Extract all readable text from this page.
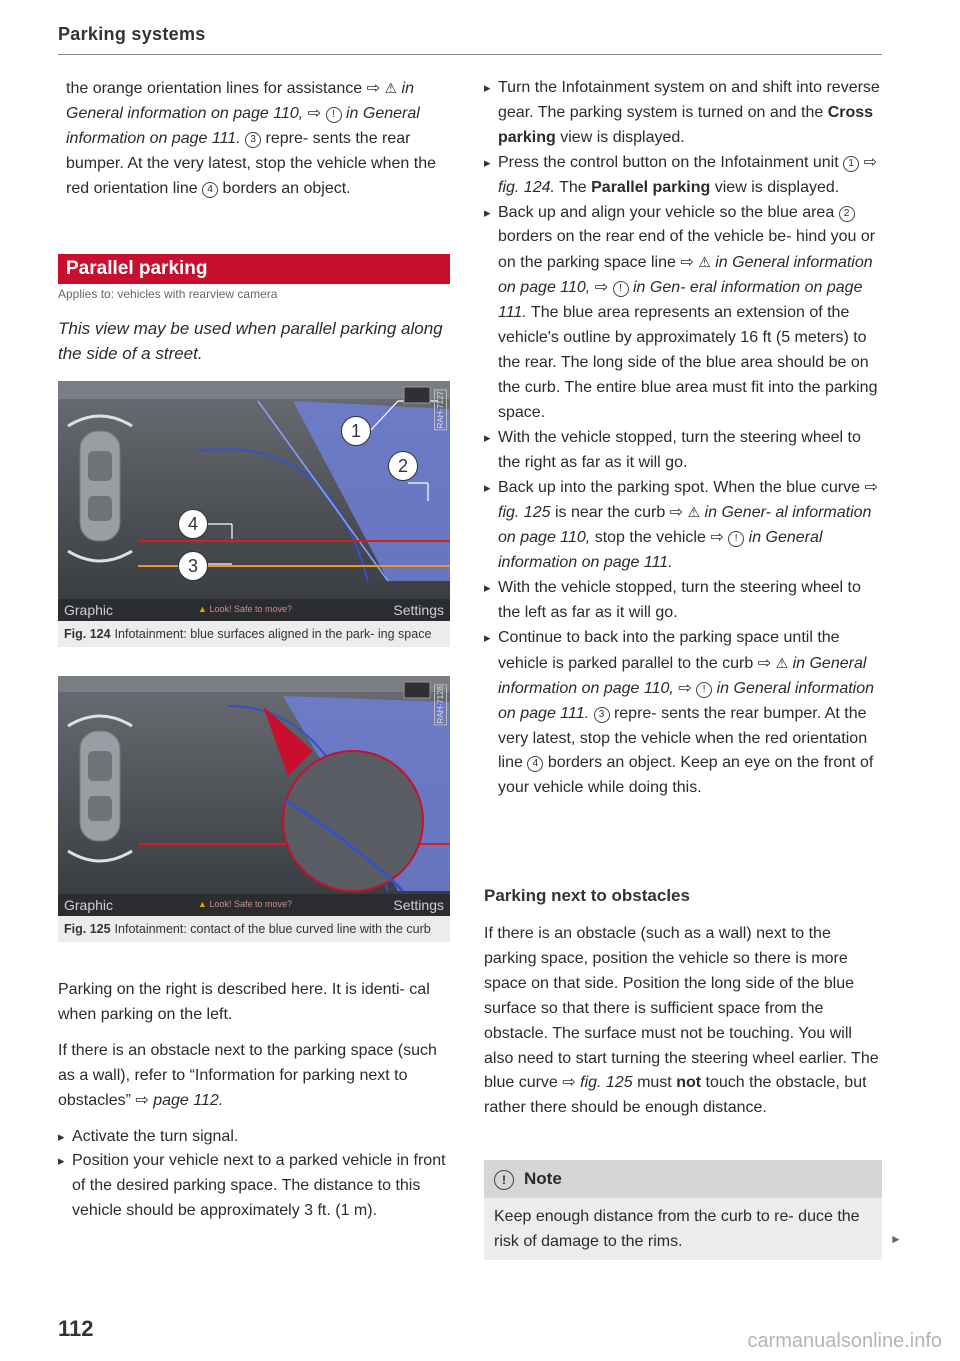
Parking systems

the orange orientation lines for assistance ⇨ ⚠ in General information on page 110, ⇨ ! in General information on page 111. 3 repre- sents the rear bumper. At the very latest, stop the vehicle when the red orientation line 4 borders an object.

Parallel parking
Applies to: vehicles with rearview camera
This view may be used when parallel parking along the side of a street.
1
2
3
4
RAH-7127
Graphic	▲ Look! Safe to move?	Settings
Fig. 124 Infotainment: blue surfaces aligned in the park- ing space
RAH-7128
Graphic	▲ Look! Safe to move?	Settings
Fig. 125 Infotainment: contact of the blue curved line with the curb

Parking on the right is described here. It is identi- cal when parking on the left.

If there is an obstacle next to the parking space (such as a wall), refer to “Information for parking next to obstacles” ⇨ page 112.

▸ Activate the turn signal.
▸ Position your vehicle next to a parked vehicle in front of the desired parking space. The distance to this vehicle should be approximately 3 ft. (1 m).
▸ Turn the Infotainment system on and shift into reverse gear. The parking system is turned on and the Cross parking view is displayed.
▸ Press the control button on the Infotainment unit 1 ⇨ fig. 124. The Parallel parking view is displayed.
▸ Back up and align your vehicle so the blue area 2 borders on the rear end of the vehicle be- hind you or on the parking space line ⇨ ⚠ in General information on page 110, ⇨ ! in Gen- eral information on page 111. The blue area represents an extension of the vehicle's outline by approximately 16 ft (5 meters) to the rear. The long side of the blue area should be on the curb. The entire blue area must fit into the parking space.
▸ With the vehicle stopped, turn the steering wheel to the right as far as it will go.
▸ Back up into the parking spot. When the blue curve ⇨ fig. 125 is near the curb ⇨ ⚠ in Gener- al information on page 110, stop the vehicle ⇨ ! in General information on page 111.
▸ With the vehicle stopped, turn the steering wheel to the left as far as it will go.
▸ Continue to back into the parking space until the vehicle is parked parallel to the curb ⇨ ⚠ in General information on page 110, ⇨ ! in General information on page 111. 3 repre- sents the rear bumper. At the very latest, stop the vehicle when the red orientation line 4 borders an object. Keep an eye on the front of your vehicle while doing this.
Parking next to obstacles

If there is an obstacle (such as a wall) next to the parking space, position the vehicle so there is more space on that side. Position the long side of the blue surface so that there is sufficient space from the obstacle. The surface must not be touching. You will also need to start turning the steering wheel earlier. The blue curve ⇨ fig. 125 must not touch the obstacle, but rather there should be enough distance.

! Note
Keep enough distance from the curb to re- duce the risk of damage to the rims.	►
112	carmanualsonline.info
